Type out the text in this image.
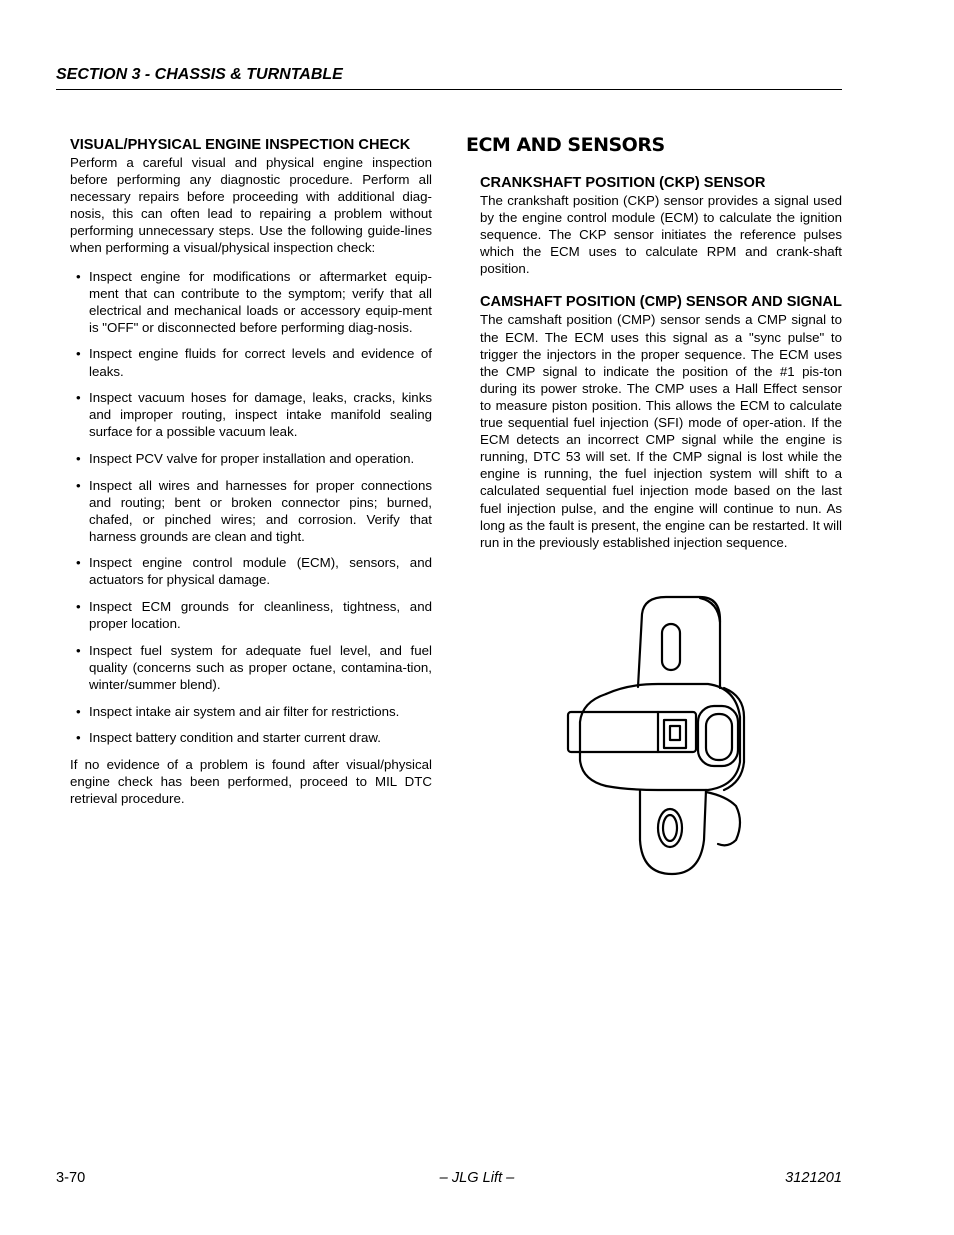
SECTION 3 - CHASSIS & TURNTABLE
VISUAL/PHYSICAL ENGINE INSPECTION CHECK

Perform a careful visual and physical engine inspection before performing any diagnostic procedure. Perform all necessary repairs before proceeding with additional diag-nosis, this can often lead to repairing a problem without performing unnecessary steps. Use the following guide-lines when performing a visual/physical inspection check:

• Inspect engine for modifications or aftermarket equip-ment that can contribute to the symptom; verify that all electrical and mechanical loads or accessory equip-ment is "OFF" or disconnected before performing diag-nosis.
• Inspect engine fluids for correct levels and evidence of leaks.
• Inspect vacuum hoses for damage, leaks, cracks, kinks and improper routing, inspect intake manifold sealing surface for a possible vacuum leak.
• Inspect PCV valve for proper installation and operation.
• Inspect all wires and harnesses for proper connections and routing; bent or broken connector pins; burned, chafed, or pinched wires; and corrosion. Verify that harness grounds are clean and tight.
• Inspect engine control module (ECM), sensors, and actuators for physical damage.
• Inspect ECM grounds for cleanliness, tightness, and proper location.
• Inspect fuel system for adequate fuel level, and fuel quality (concerns such as proper octane, contamina-tion, winter/summer blend).
• Inspect intake air system and air filter for restrictions.
• Inspect battery condition and starter current draw.

If no evidence of a problem is found after visual/physical engine check has been performed, proceed to MIL DTC retrieval procedure.

ECM AND SENSORS
CRANKSHAFT POSITION (CKP) SENSOR

The crankshaft position (CKP) sensor provides a signal used by the engine control module (ECM) to calculate the ignition sequence. The CKP sensor initiates the reference pulses which the ECM uses to calculate RPM and crank-shaft position.

CAMSHAFT POSITION (CMP) SENSOR AND SIGNAL

The camshaft position (CMP) sensor sends a CMP signal to the ECM. The ECM uses this signal as a "sync pulse" to trigger the injectors in the proper sequence. The ECM uses the CMP signal to indicate the position of the #1 pis-ton during its power stroke. The CMP uses a Hall Effect sensor to measure piston position. This allows the ECM to calculate true sequential fuel injection (SFI) mode of oper-ation. If the ECM detects an incorrect CMP signal while the engine is running, DTC 53 will set. If the CMP signal is lost while the engine is running, the fuel injection system will shift to a calculated sequential fuel injection mode based on the last fuel injection pulse, and the engine will continue to nun. As long as the fault is present, the engine can be restarted. It will run in the previously established injection sequence.

3-70	– JLG Lift –	3121201
